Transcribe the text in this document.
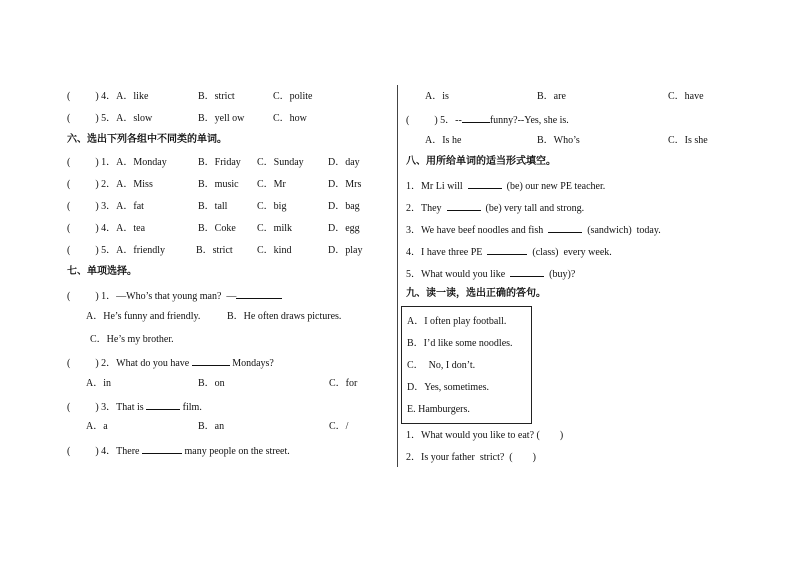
(          ) 4．A．like	B．strict	C．polite
(          ) 5．A．slow	B．yell ow	C．how
六、选出下列各组中不同类的单词。
(          ) 1．A．Monday	B．Friday C．Sunday D．day
(          ) 2．A．Miss	B．music C．Mr	D．Mrs
(          ) 3．A．fat	B．tall	C．big	D．bag
(          ) 4．A．tea	B．Coke C．milk	D．egg
(          ) 5．A．friendly	B．strict C．kind	D．play
七、单项选择。
(          ) 1．—Who’s that young man?  —
A．He’s funny and friendly.	B．He often draws pictures.
C．He’s my brother.
(          ) 2．What do you have	Mondays?
A．in	B．on	C．for
(          ) 3．That is	film.
A．a	B．an	C．/
(          ) 4．There	many people on the street.
A．is	B．are	C．have
(          ) 5．--	funny?--Yes, she is.
A．Is he	B．Who’s	C．Is she
八、用所给单词的适当形式填空。
1．Mr Li will	(be) our new PE teacher.
2．They	(be) very tall and strong.
3．We have beef noodles and fish	(sandwich)  today.
4．I have three PE	(class)  every week.
5．What would you like	(buy)?
九、读一读，选出正确的答句。
A．I often play football.
B．I’d like some noodles.
C．  No, I don’t.
D．Yes, sometimes.
E. Hamburgers.
1．What would you like to eat? (        )
2．Is your father  strict?  (        )
